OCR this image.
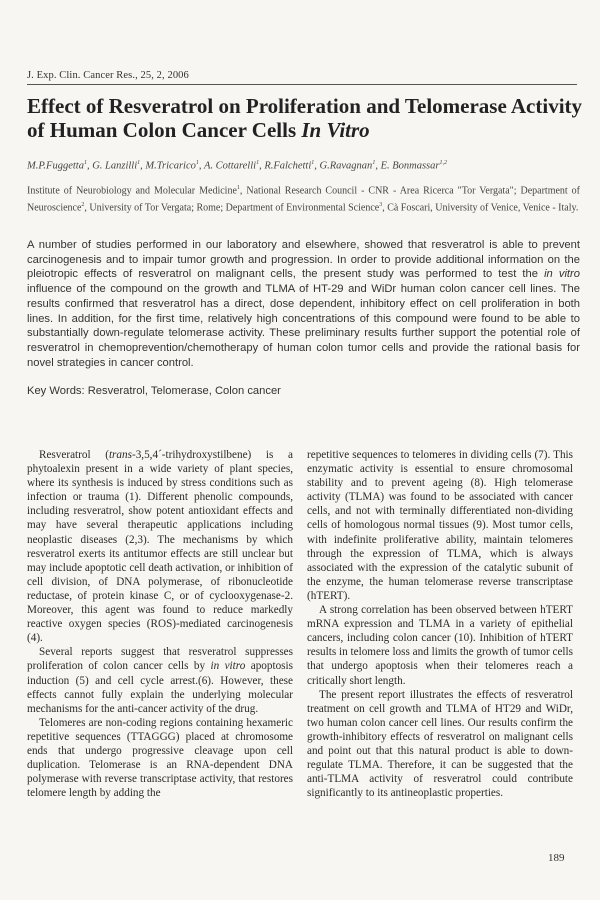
J. Exp. Clin. Cancer Res., 25, 2, 2006
Effect of Resveratrol on Proliferation and Telomerase Activity of Human Colon Cancer Cells In Vitro
M.P.Fuggetta$^1$, G. Lanzilli$^1$, M.Tricarico$^1$, A. Cottarelli$^1$, R.Falchetti$^1$, G.Ravagnan$^1$, E. Bonmassar$^{1,2}$
Institute of Neurobiology and Molecular Medicine$^1$, National Research Council - CNR - Area Ricerca "Tor Vergata"; Department of Neuroscience$^2$, University of Tor Vergata; Rome; Department of Environmental Science$^3$, Cà Foscari, University of Venice, Venice - Italy.
A number of studies performed in our laboratory and elsewhere, showed that resveratrol is able to prevent carcinogenesis and to impair tumor growth and progression. In order to provide additional information on the pleiotropic effects of resveratrol on malignant cells, the present study was performed to test the in vitro influence of the compound on the growth and TLMA of HT-29 and WiDr human colon cancer cell lines. The results confirmed that resveratrol has a direct, dose dependent, inhibitory effect on cell proliferation in both lines. In addition, for the first time, relatively high concentrations of this compound were found to be able to substantially down-regulate telomerase activity. These preliminary results further support the potential role of resveratrol in chemoprevention/chemotherapy of human colon tumor cells and provide the rational basis for novel strategies in cancer control.
Key Words: Resveratrol, Telomerase, Colon cancer

Resveratrol (trans-3,5,4´-trihydroxystilbene) is a phytoalexin present in a wide variety of plant species, where its synthesis is induced by stress conditions such as infection or trauma (1). Different phenolic compounds, including resveratrol, show potent antioxidant effects and may have several therapeutic applications including neoplastic diseases (2,3). The mechanisms by which resveratrol exerts its antitumor effects are still unclear but may include apoptotic cell death activation, or inhibition of cell division, of DNA polymerase, of ribonucleotide reductase, of protein kinase C, or of cyclooxygenase-2. Moreover, this agent was found to reduce markedly reactive oxygen species (ROS)-mediated carcinogenesis (4).

Several reports suggest that resveratrol suppresses proliferation of colon cancer cells by in vitro apoptosis induction (5) and cell cycle arrest.(6). However, these effects cannot fully explain the underlying molecular mechanisms for the anti-cancer activity of the drug.

Telomeres are non-coding regions containing hexameric repetitive sequences (TTAGGG) placed at chromosome ends that undergo progressive cleavage upon cell duplication. Telomerase is an RNA-dependent DNA polymerase with reverse transcriptase activity, that restores telomere length by adding the

repetitive sequences to telomeres in dividing cells (7). This enzymatic activity is essential to ensure chromosomal stability and to prevent ageing (8). High telomerase activity (TLMA) was found to be associated with cancer cells, and not with terminally differentiated non-dividing cells of homologous normal tissues (9). Most tumor cells, with indefinite proliferative ability, maintain telomeres through the expression of TLMA, which is always associated with the expression of the catalytic subunit of the enzyme, the human telomerase reverse transcriptase (hTERT).

A strong correlation has been observed between hTERT mRNA expression and TLMA in a variety of epithelial cancers, including colon cancer (10). Inhibition of hTERT results in telomere loss and limits the growth of tumor cells that undergo apoptosis when their telomeres reach a critically short length.

The present report illustrates the effects of resveratrol treatment on cell growth and TLMA of HT29 and WiDr, two human colon cancer cell lines. Our results confirm the growth-inhibitory effects of resveratrol on malignant cells and point out that this natural product is able to down-regulate TLMA. Therefore, it can be suggested that the anti-TLMA activity of resveratrol could contribute significantly to its antineoplastic properties.

189
